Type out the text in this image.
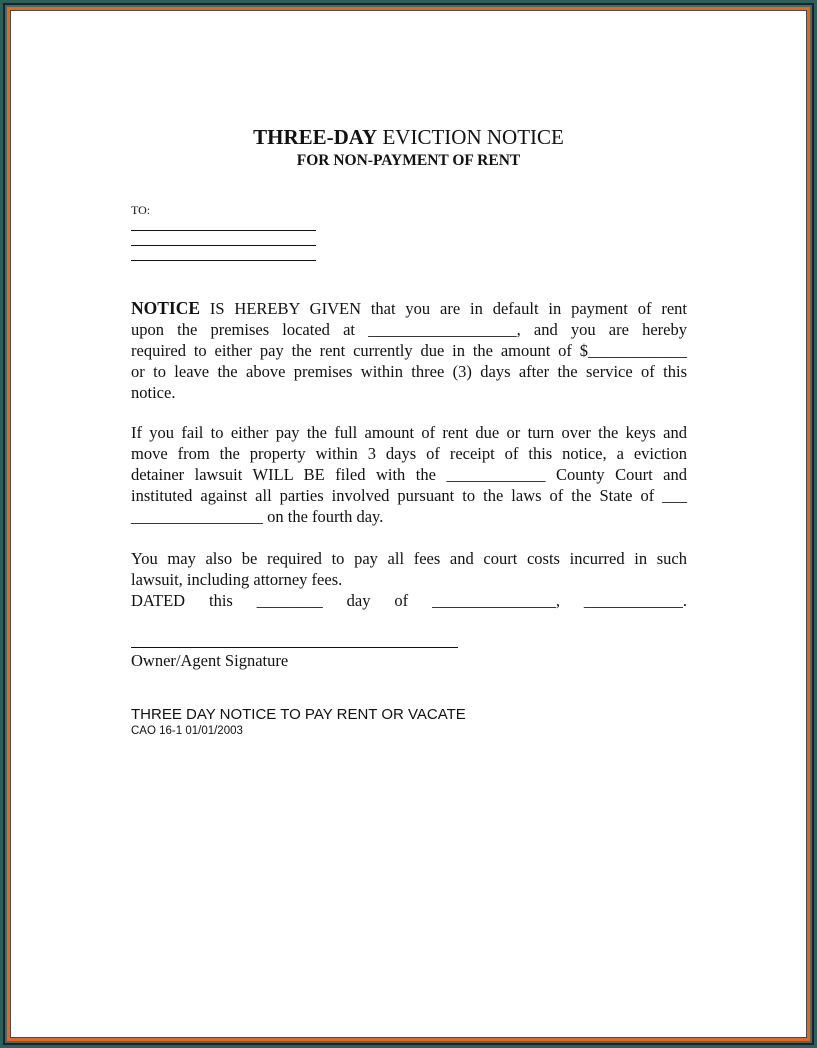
THREE-DAY EVICTION NOTICE
FOR NON-PAYMENT OF RENT
TO:
NOTICE IS HEREBY GIVEN that you are in default in payment of rent
upon the premises located at __________________, and you are hereby
required to either pay the rent currently due in the amount of $____________
or to leave the above premises within three (3) days after the service of this
notice.
If you fail to either pay the full amount of rent due or turn over the keys and
move from the property within 3 days of receipt of this notice, a eviction
detainer lawsuit WILL BE filed with the ____________ County Court and
instituted against all parties involved pursuant to the laws of the State of ___
________________ on the fourth day.
You may also be required to pay all fees and court costs incurred in such
lawsuit, including attorney fees.
DATED this ________ day of _______________, ____________.
Owner/Agent Signature
THREE DAY NOTICE TO PAY RENT OR VACATE
CAO 16-1 01/01/2003
